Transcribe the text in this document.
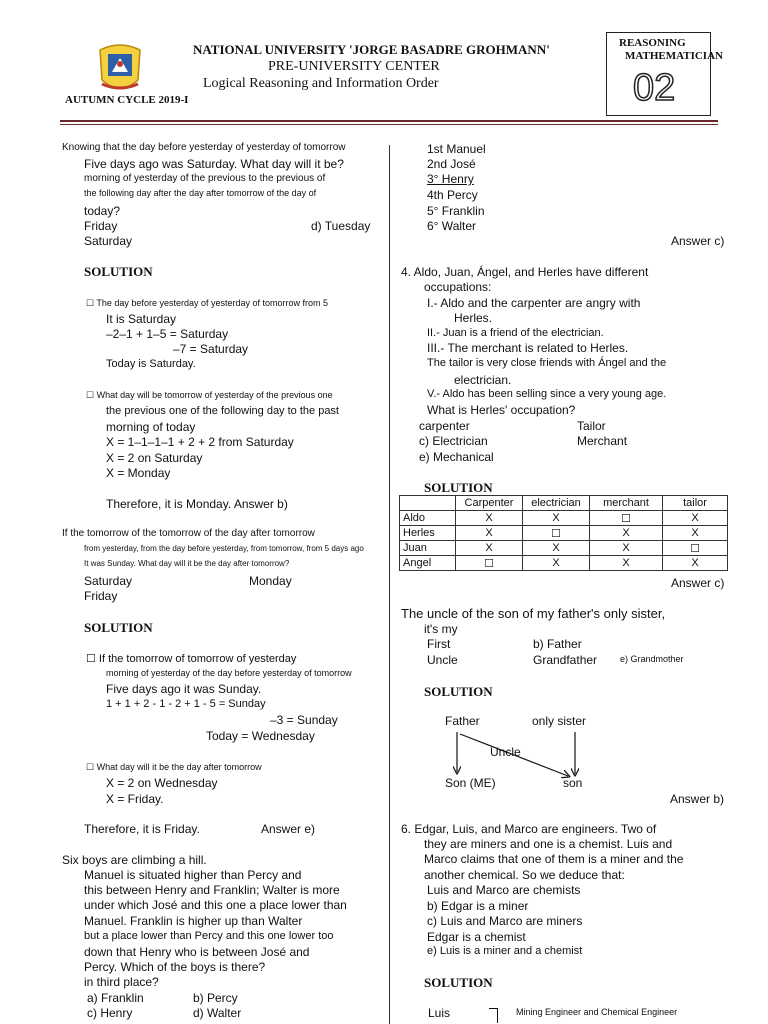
NATIONAL UNIVERSITY 'JORGE BASADRE GROHMANN'
PRE-UNIVERSITY CENTER
Logical Reasoning and Information Order
AUTUMN CYCLE 2019-I
REASONING
MATHEMATICIAN
02
Knowing that the day before yesterday of yesterday of tomorrow
Five days ago was Saturday. What day will it be?
morning of yesterday of the previous to the previous of
the following day after the day after tomorrow of the day of
today?
Friday	d) Tuesday
Saturday
SOLUTION
☐ The day before yesterday of yesterday of tomorrow from 5
It is Saturday
–2–1 + 1–5 = Saturday
–7 = Saturday
Today is Saturday.
☐ What day will be tomorrow of yesterday of the previous one
the previous one of the following day to the past
morning of today
X = 1–1–1–1 + 2 + 2 from Saturday
X = 2 on Saturday
X = Monday
Therefore, it is Monday. Answer b)
If the tomorrow of the tomorrow of the day after tomorrow
from yesterday, from the day before yesterday, from tomorrow, from 5 days ago
It was Sunday. What day will it be the day after tomorrow?
Saturday	Monday
Friday
SOLUTION
☐ If the tomorrow of tomorrow of yesterday
morning of yesterday of the day before yesterday of tomorrow
Five days ago it was Sunday.
1 + 1 + 2 - 1 - 2 + 1 - 5 = Sunday
–3 = Sunday
Today = Wednesday
☐ What day will it be the day after tomorrow
X = 2 on Wednesday
X = Friday.
Therefore, it is Friday.	Answer e)
Six boys are climbing a hill.
Manuel is situated higher than Percy and
this between Henry and Franklin; Walter is more
under which José and this one a place lower than
Manuel. Franklin is higher up than Walter
but a place lower than Percy and this one lower too
down that Henry who is between José and
Percy. Which of the boys is there?
in third place?
a) Franklin	b) Percy
c) Henry	d) Walter
1st Manuel
2nd José
3° Henry
4th Percy
5° Franklin
6° Walter
Answer c)
4. Aldo, Juan, Ángel, and Herles have different
occupations:
I.- Aldo and the carpenter are angry with
Herles.
II.- Juan is a friend of the electrician.
III.- The merchant is related to Herles.
The tailor is very close friends with Ángel and the
electrician.
V.- Aldo has been selling since a very young age.
What is Herles' occupation?
carpenter	Tailor
c) Electrician	Merchant
e) Mechanical
SOLUTION
	Carpenter	electrician	merchant	tailor
Aldo	X	X	☐	X
Herles	X	☐	X	X
Juan	X	X	X	☐
Angel	☐	X	X	X
Answer c)
The uncle of the son of my father's only sister,
it's my
First	b) Father
Uncle	Grandfather	e) Grandmother
SOLUTION
Father	only sister
Uncle
Son (ME)	son
Answer b)
6. Edgar, Luis, and Marco are engineers. Two of
they are miners and one is a chemist. Luis and
Marco claims that one of them is a miner and the
another chemical. So we deduce that:
Luis and Marco are chemists
b) Edgar is a miner
c) Luis and Marco are miners
Edgar is a chemist
e) Luis is a miner and a chemist
SOLUTION
Luis	Mining Engineer and Chemical Engineer
